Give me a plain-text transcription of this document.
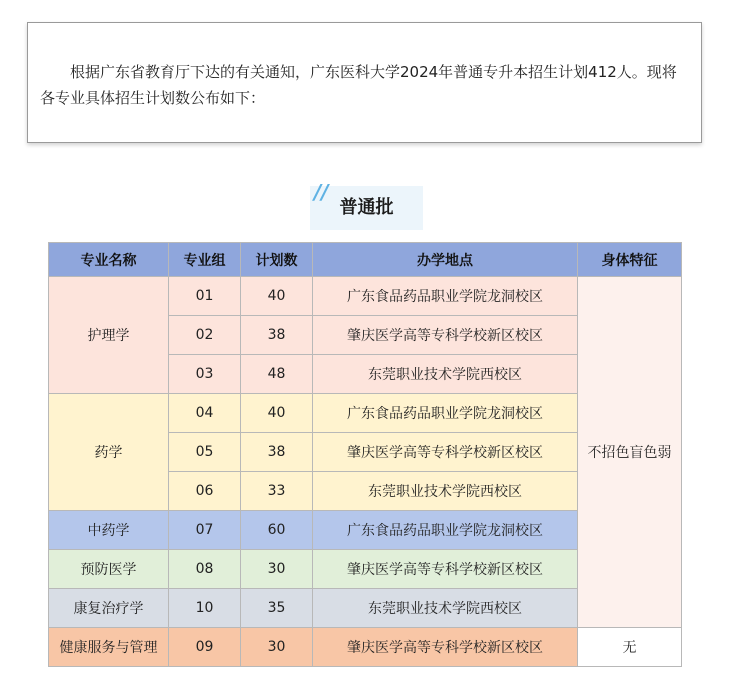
根据广东省教育厅下达的有关通知，广东医科大学2024年普通专升本招生计划412人。现将各专业具体招生计划数公布如下：

//
普通批
专业名称	专业组	计划数	办学地点	身体特征
护理学	01	40	广东食品药品职业学院龙洞校区	不招色盲色弱
	02	38	肇庆医学高等专科学校新区校区	
	03	48	东莞职业技术学院西校区	
药学	04	40	广东食品药品职业学院龙洞校区	
	05	38	肇庆医学高等专科学校新区校区	
	06	33	东莞职业技术学院西校区	
中药学	07	60	广东食品药品职业学院龙洞校区	
预防医学	08	30	肇庆医学高等专科学校新区校区	
康复治疗学	10	35	东莞职业技术学院西校区	
健康服务与管理	09	30	肇庆医学高等专科学校新区校区	无
